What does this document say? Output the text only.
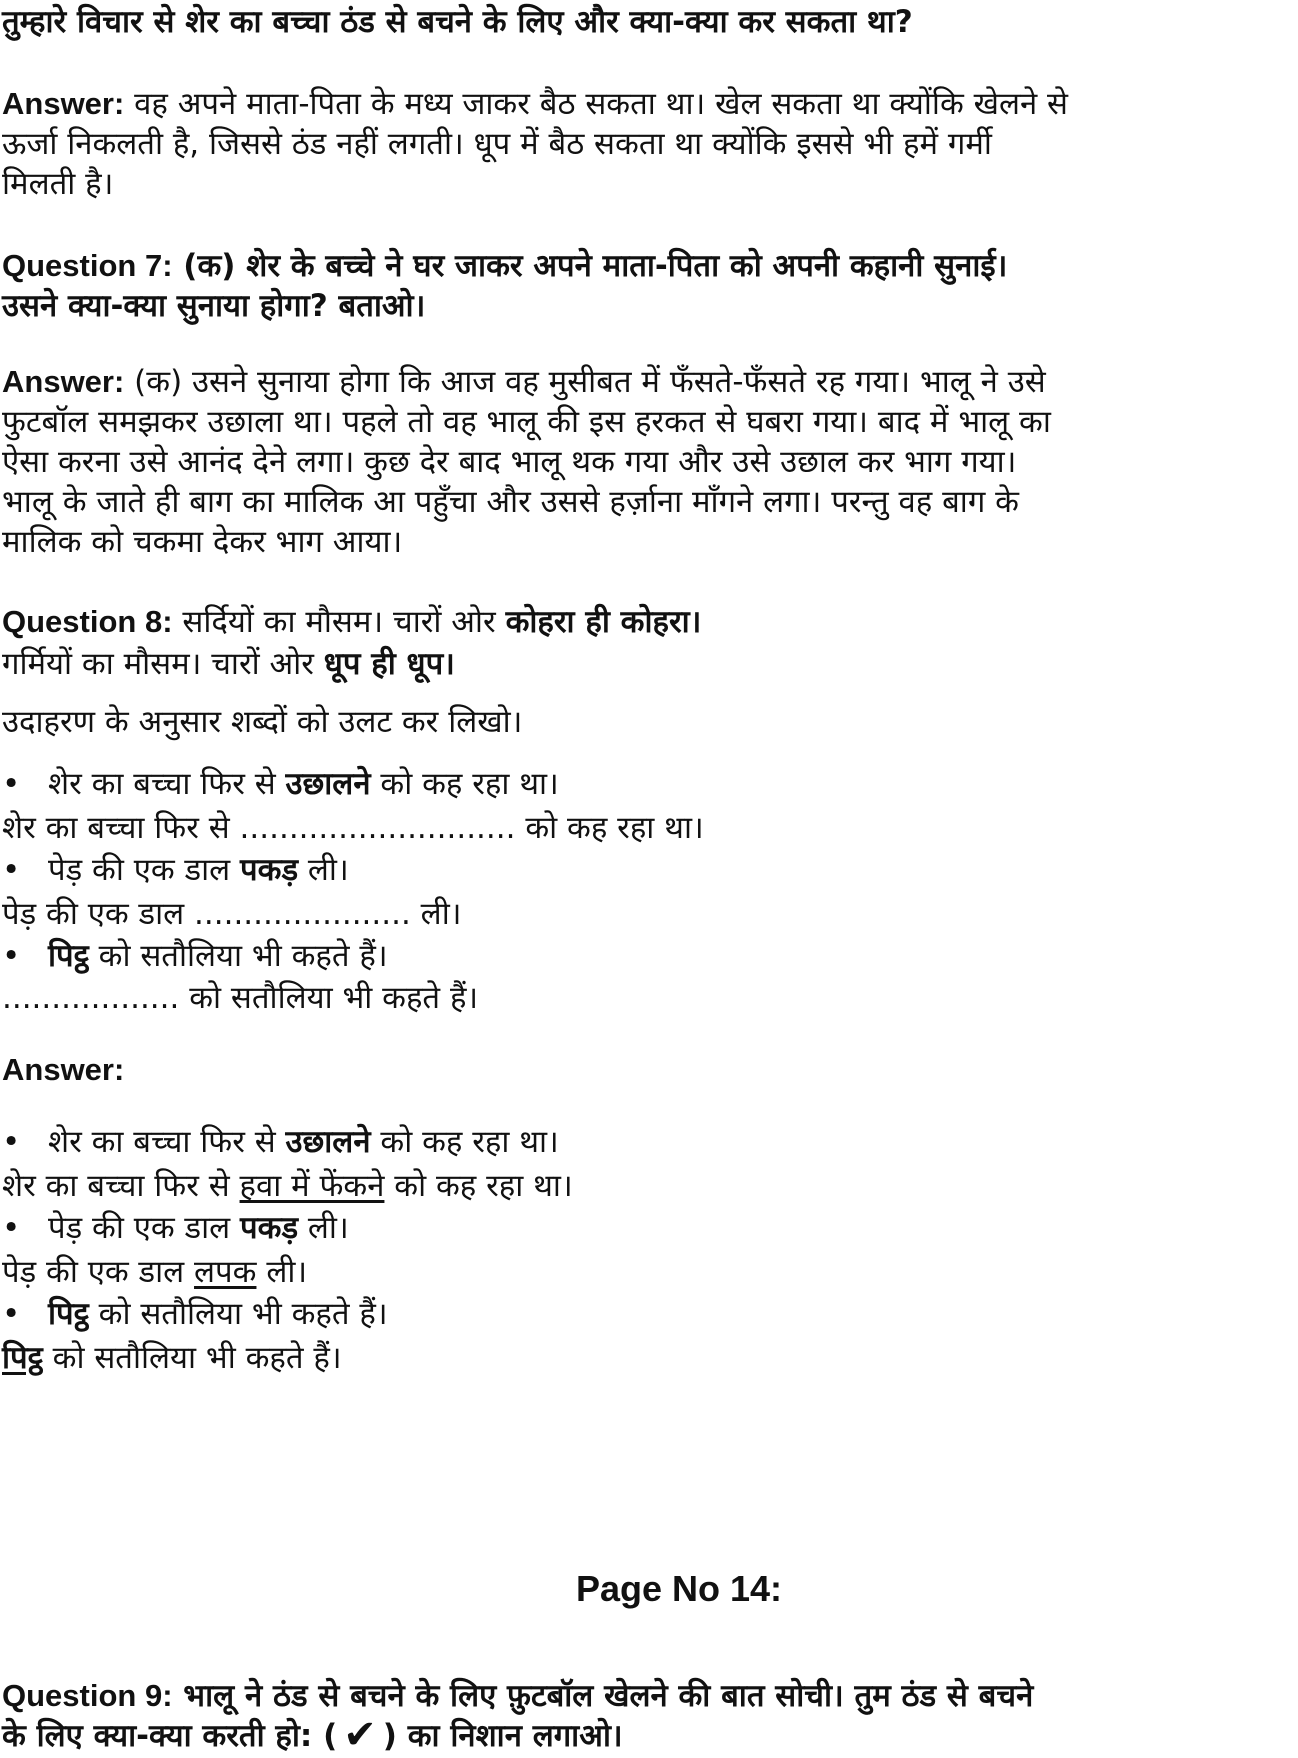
तुम्हारे विचार से शेर का बच्चा ठंड से बचने के लिए और क्या-क्या कर सकता था?
Answer: वह अपने माता-पिता के मध्य जाकर बैठ सकता था। खेल सकता था क्योंकि खेलने से
ऊर्जा निकलती है, जिससे ठंड नहीं लगती। धूप में बैठ सकता था क्योंकि इससे भी हमें गर्मी
मिलती है।
Question 7: (क) शेर के बच्चे ने घर जाकर अपने माता-पिता को अपनी कहानी सुनाई।
उसने क्या-क्या सुनाया होगा? बताओ।
Answer: (क) उसने सुनाया होगा कि आज वह मुसीबत में फँसते-फँसते रह गया। भालू ने उसे
फुटबॉल समझकर उछाला था। पहले तो वह भालू की इस हरकत से घबरा गया। बाद में भालू का
ऐसा करना उसे आनंद देने लगा। कुछ देर बाद भालू थक गया और उसे उछाल कर भाग गया।
भालू के जाते ही बाग का मालिक आ पहुँचा और उससे हर्ज़ाना माँगने लगा। परन्तु वह बाग के
मालिक को चकमा देकर भाग आया।
Question 8: सर्दियों का मौसम। चारों ओर कोहरा ही कोहरा।
गर्मियों का मौसम। चारों ओर धूप ही धूप।
उदाहरण के अनुसार शब्दों को उलट कर लिखो।
• शेर का बच्चा फिर से उछालने को कह रहा था।
शेर का बच्चा फिर से ............................ को कह रहा था।
• पेड़ की एक डाल पकड़ ली।
पेड़ की एक डाल ...................... ली।
• पिट्ठ को सतौलिया भी कहते हैं।
.................. को सतौलिया भी कहते हैं।
Answer:
• शेर का बच्चा फिर से उछालने को कह रहा था।
शेर का बच्चा फिर से हवा में फेंकने को कह रहा था।
• पेड़ की एक डाल पकड़ ली।
पेड़ की एक डाल लपक ली।
• पिट्ठ को सतौलिया भी कहते हैं।
पिट्ठ को सतौलिया भी कहते हैं।
Page No 14:
Question 9: भालू ने ठंड से बचने के लिए फ़ुटबॉल खेलने की बात सोची। तुम ठंड से बचने
के लिए क्या-क्या करती हो: ( ✔ ) का निशान लगाओ।
